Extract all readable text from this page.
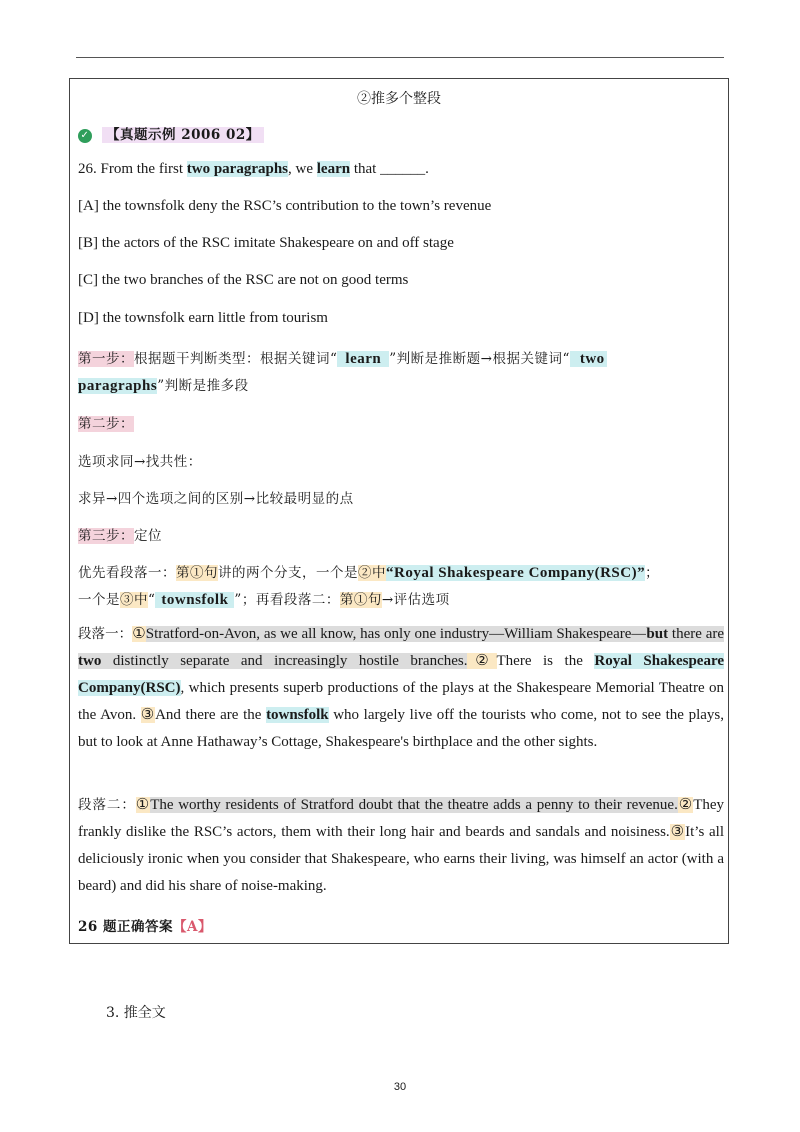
②推多个整段
✓ 【真题示例 2006 02】
26. From the first two paragraphs, we learn that ______.
[A] the townsfolk deny the RSC’s contribution to the town’s revenue
[B] the actors of the RSC imitate Shakespeare on and off stage
[C] the two branches of the RSC are not on good terms
[D] the townsfolk earn little from tourism
第一步：根据题干判断类型：根据关键词“ learn ”判断是推断题→根据关键词“ two
paragraphs”判断是推多段
第二步：
选项求同→找共性：
求异→四个选项之间的区别→比较最明显的点
第三步：定位
优先看段落一：第①句讲的两个分支，一个是②中“Royal Shakespeare Company(RSC)”；
一个是③中“ townsfolk ”；再看段落二：第①句→评估选项
段落一：①Stratford-on-Avon, as we all know, has only one industry—William Shakespeare—but there are two distinctly separate and increasingly hostile branches.②There is the Royal Shakespeare Company(RSC), which presents superb productions of the plays at the Shakespeare Memorial Theatre on the Avon. ③And there are the townsfolk who largely live off the tourists who come, not to see the plays, but to look at Anne Hathaway’s Cottage, Shakespeare's birthplace and the other sights.
段落二：①The worthy residents of Stratford doubt that the theatre adds a penny to their revenue.②They frankly dislike the RSC’s actors, them with their long hair and beards and sandals and noisiness.③It’s all deliciously ironic when you consider that Shakespeare, who earns their living, was himself an actor (with a beard) and did his share of noise-making.
26 题正确答案【A】
3. 推全文
30
